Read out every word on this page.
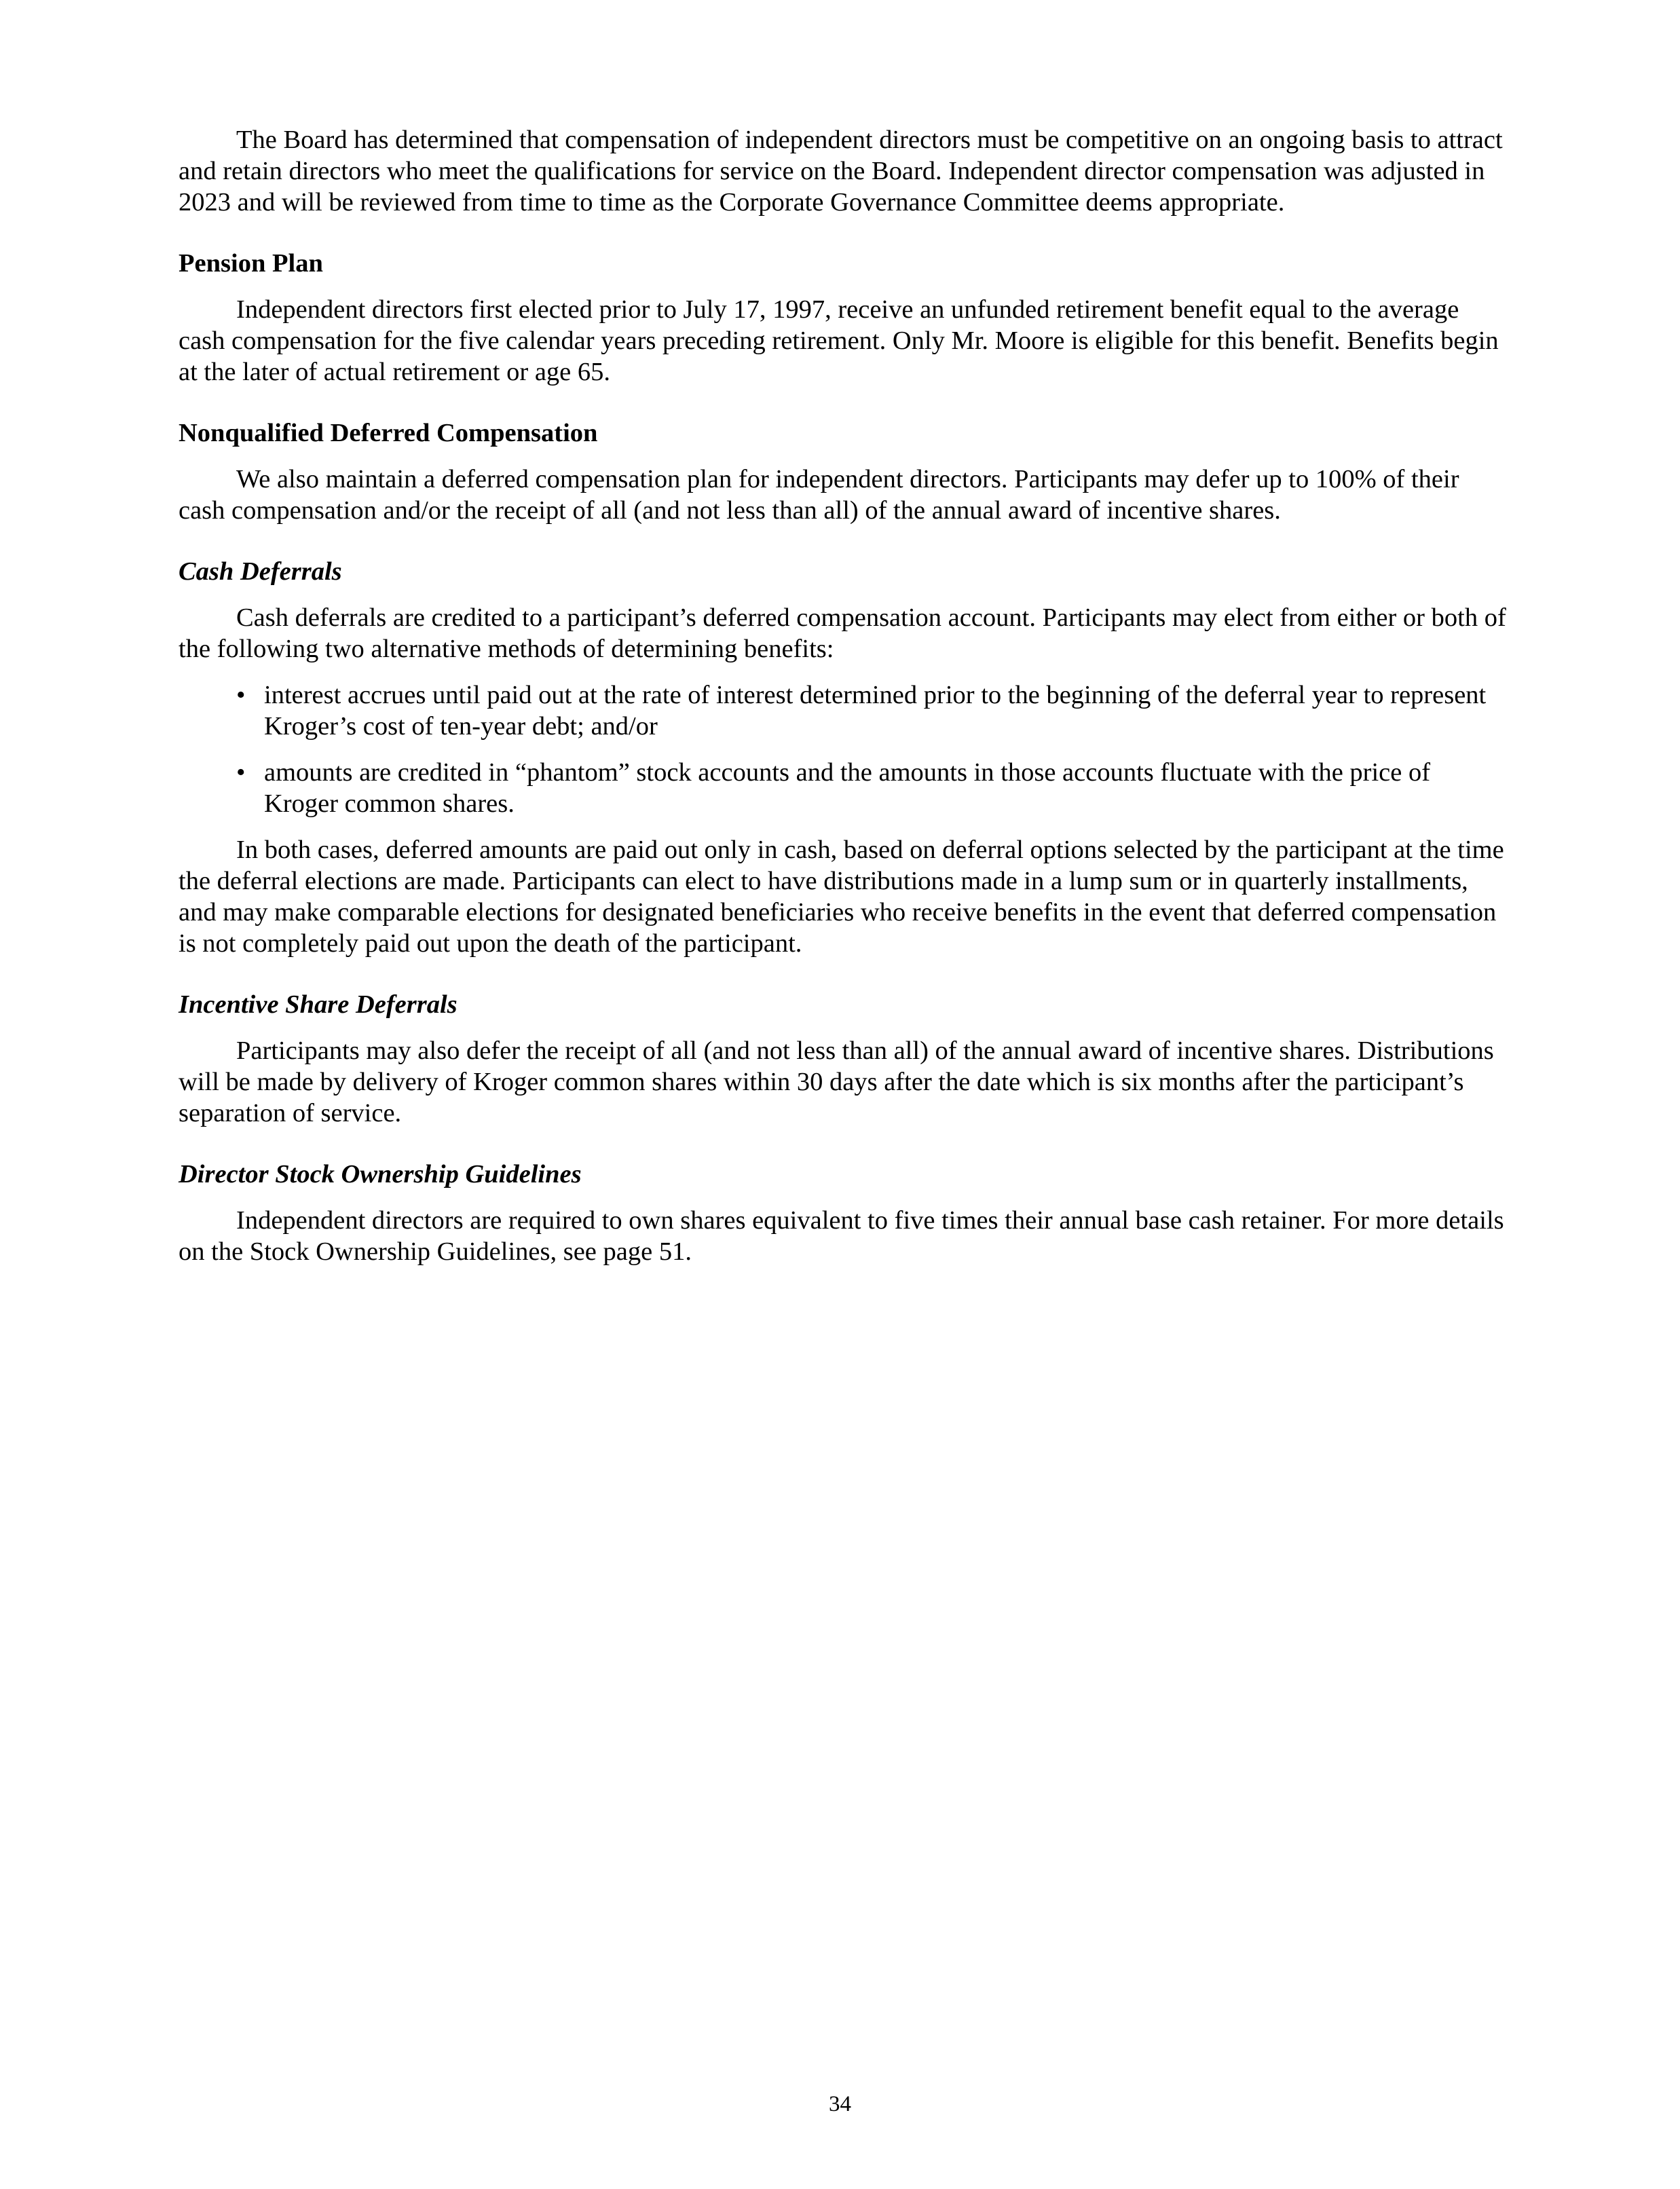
The Board has determined that compensation of independent directors must be competitive on an ongoing basis to attract and retain directors who meet the qualifications for service on the Board. Independent director compensation was adjusted in 2023 and will be reviewed from time to time as the Corporate Governance Committee deems appropriate.

Pension Plan

Independent directors first elected prior to July 17, 1997, receive an unfunded retirement benefit equal to the average cash compensation for the five calendar years preceding retirement. Only Mr. Moore is eligible for this benefit. Benefits begin at the later of actual retirement or age 65.

Nonqualified Deferred Compensation

We also maintain a deferred compensation plan for independent directors. Participants may defer up to 100% of their cash compensation and/or the receipt of all (and not less than all) of the annual award of incentive shares.

Cash Deferrals

Cash deferrals are credited to a participant’s deferred compensation account. Participants may elect from either or both of the following two alternative methods of determining benefits:

• interest accrues until paid out at the rate of interest determined prior to the beginning of the deferral year to represent Kroger’s cost of ten-year debt; and/or
• amounts are credited in “phantom” stock accounts and the amounts in those accounts fluctuate with the price of Kroger common shares.

In both cases, deferred amounts are paid out only in cash, based on deferral options selected by the participant at the time the deferral elections are made. Participants can elect to have distributions made in a lump sum or in quarterly installments, and may make comparable elections for designated beneficiaries who receive benefits in the event that deferred compensation is not completely paid out upon the death of the participant.

Incentive Share Deferrals

Participants may also defer the receipt of all (and not less than all) of the annual award of incentive shares. Distributions will be made by delivery of Kroger common shares within 30 days after the date which is six months after the participant’s separation of service.

Director Stock Ownership Guidelines

Independent directors are required to own shares equivalent to five times their annual base cash retainer. For more details on the Stock Ownership Guidelines, see page 51.

34
